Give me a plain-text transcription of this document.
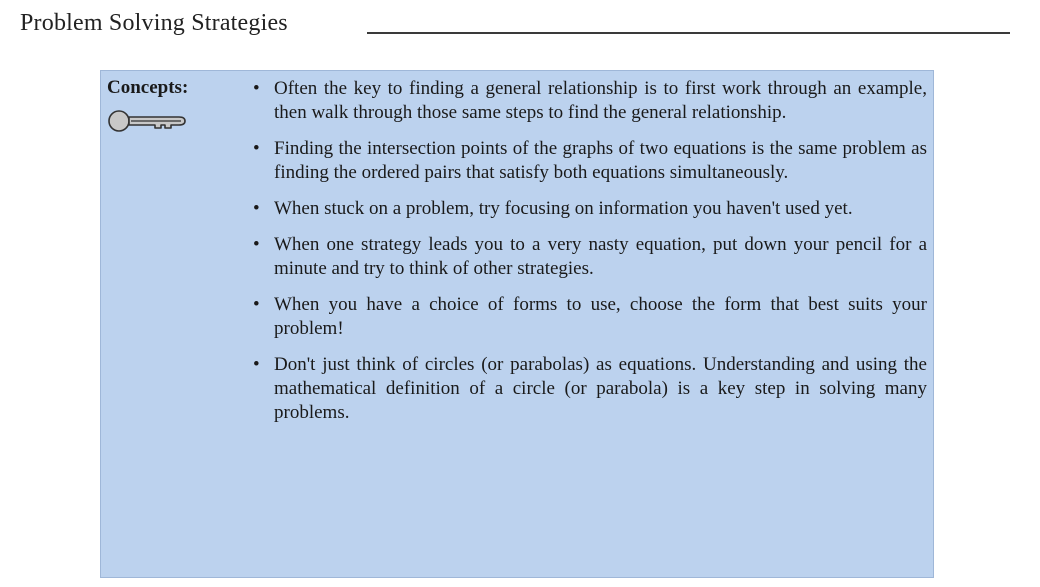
Problem Solving Strategies
Concepts:	• Often the key to finding a general relationship is to first work through an example, then walk through those same steps to find the general relationship.
• Finding the intersection points of the graphs of two equations is the same problem as finding the ordered pairs that satisfy both equations simultaneously.
• When stuck on a problem, try focusing on information you haven't used yet.
• When one strategy leads you to a very nasty equation, put down your pencil for a minute and try to think of other strategies.
• When you have a choice of forms to use, choose the form that best suits your problem!
• Don't just think of circles (or parabolas) as equations. Understanding and using the mathematical definition of a circle (or parabola) is a key step in solving many problems.
